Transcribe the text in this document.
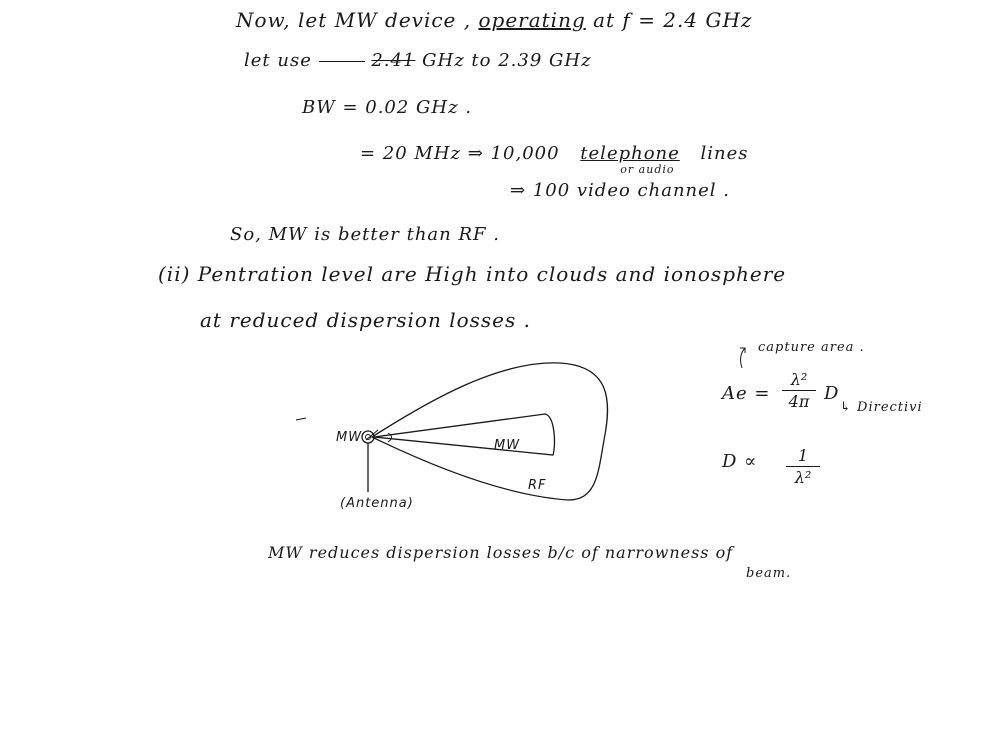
Now, let MW device , operating at f = 2.4 GHz
let use	2.41 GHz to 2.39 GHz
BW = 0.02 GHz .
= 20 MHz ⇒ 10,000 telephone
or audio
lines
⇒ 100 video channel .
So, MW is better than RF .
(ii) Pentration level are High into clouds and ionosphere
at reduced dispersion losses .
MW
MW
RF
(Antenna)
capture area .
Ae =
λ²
4π D
↳ Directivi
D ∝	1
λ²
MW reduces dispersion losses b/c of narrowness of
beam.
